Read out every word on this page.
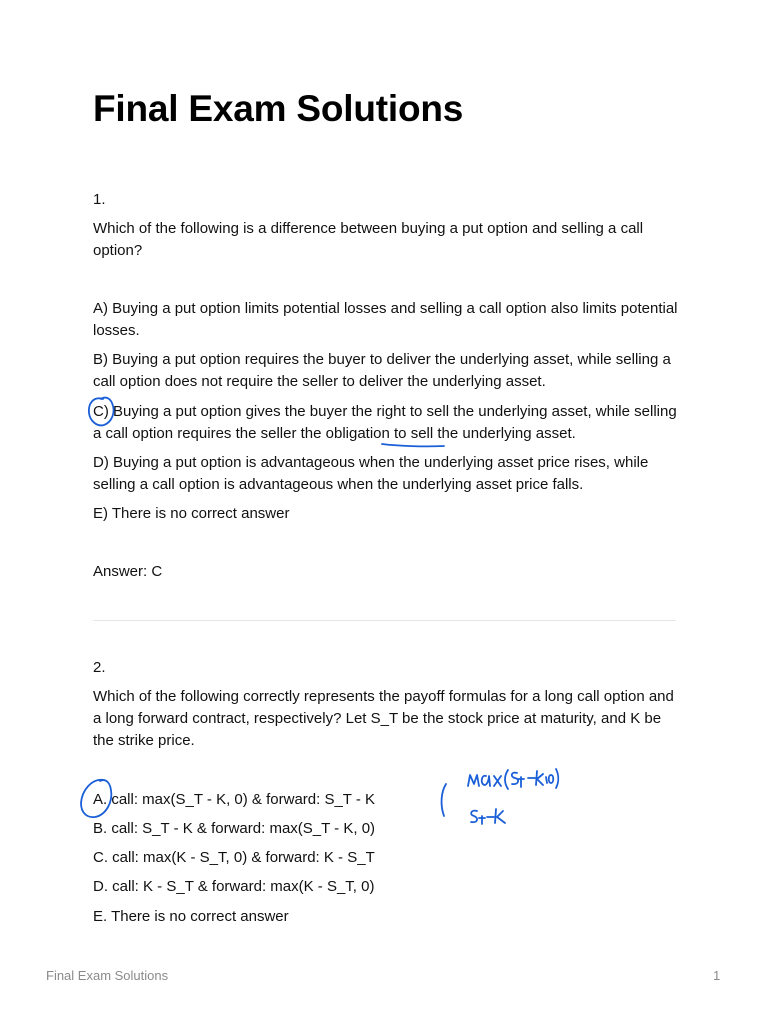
Final Exam Solutions
1.
Which of the following is a difference between buying a put option and selling a call option?
A) Buying a put option limits potential losses and selling a call option also limits potential losses.
B) Buying a put option requires the buyer to deliver the underlying asset, while selling a call option does not require the seller to deliver the underlying asset.
C) Buying a put option gives the buyer the right to sell the underlying asset, while selling a call option requires the seller the obligation to sell the underlying asset.
D) Buying a put option is advantageous when the underlying asset price rises, while selling a call option is advantageous when the underlying asset price falls.
E) There is no correct answer
Answer: C
2.
Which of the following correctly represents the payoff formulas for a long call option and a long forward contract, respectively? Let S_T be the stock price at maturity, and K be the strike price.
A. call: max(S_T - K, 0) & forward: S_T - K
B. call: S_T - K & forward: max(S_T - K, 0)
C. call: max(K - S_T, 0) & forward: K - S_T
D. call: K - S_T & forward: max(K - S_T, 0)
E. There is no correct answer
Final Exam Solutions	1
